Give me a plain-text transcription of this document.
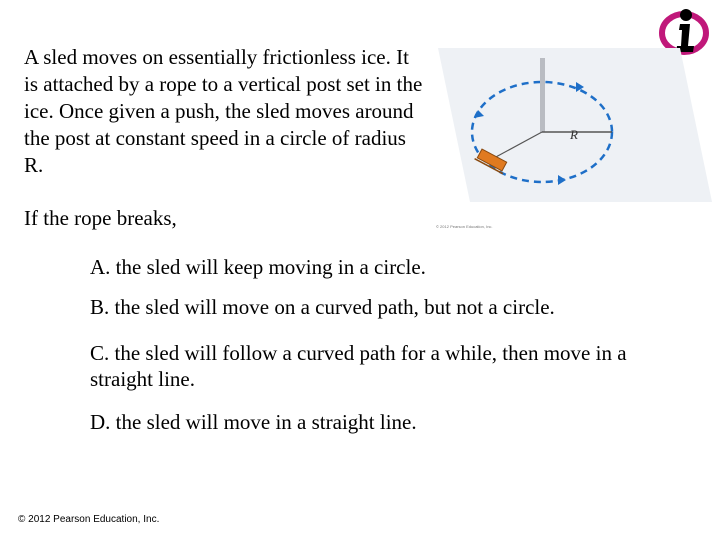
A sled moves on essentially frictionless ice. It is attached by a rope to a vertical post set in the ice. Once given a push, the sled moves around the post at constant speed in a circle of radius R.

R
© 2012 Pearson Education, Inc.

If the rope breaks,

A. the sled will keep moving in a circle.

B. the sled will move on a curved path, but not a circle.

C. the sled will follow a curved path for a while, then move in a straight line.

D. the sled will move in a straight line.

© 2012 Pearson Education, Inc.
